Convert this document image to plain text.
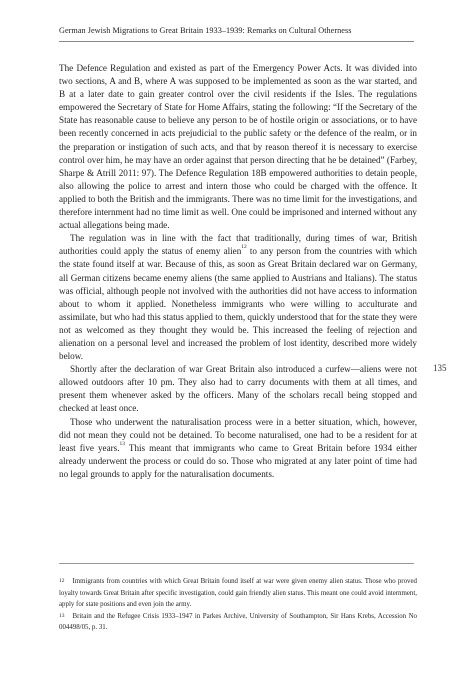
German Jewish Migrations to Great Britain 1933–1939: Remarks on Cultural Otherness

The Defence Regulation and existed as part of the Emergency Power Acts. It was divided into two sections, A and B, where A was supposed to be implemented as soon as the war started, and B at a later date to gain greater control over the civil residents if the Isles. The regulations empowered the Secretary of State for Home Affairs, stating the following: “If the Secretary of the State has reasonable cause to believe any person to be of hostile origin or associations, or to have been recently concerned in acts prejudicial to the public safety or the defence of the realm, or in the preparation or instigation of such acts, and that by reason thereof it is necessary to exercise control over him, he may have an order against that person directing that he be detained” (Farbey, Sharpe & Atrill 2011: 97). The Defence Regulation 18B empowered authorities to detain people, also allowing the police to arrest and intern those who could be charged with the offence. It applied to both the British and the immigrants. There was no time limit for the investigations, and therefore internment had no time limit as well. One could be imprisoned and interned without any actual allegations being made.

The regulation was in line with the fact that traditionally, during times of war, British authorities could apply the status of enemy alien$^{12}$ to any person from the countries with which the state found itself at war. Because of this, as soon as Great Britain declared war on Germany, all German citizens became enemy aliens (the same applied to Austrians and Italians). The status was official, although people not involved with the authorities did not have access to information about to whom it applied. Nonetheless immigrants who were willing to acculturate and assimilate, but who had this status applied to them, quickly understood that for the state they were not as welcomed as they thought they would be. This increased the feeling of rejection and alienation on a personal level and increased the problem of lost identity, described more widely below.

Shortly after the declaration of war Great Britain also introduced a curfew—aliens were not allowed outdoors after 10 pm. They also had to carry documents with them at all times, and present them whenever asked by the officers. Many of the scholars recall being stopped and checked at least once.

Those who underwent the naturalisation process were in a better situation, which, however, did not mean they could not be detained. To become naturalised, one had to be a resident for at least five years.$^{13}$ This meant that immigrants who came to Great Britain before 1934 either already underwent the process or could do so. Those who migrated at any later point of time had no legal grounds to apply for the naturalisation documents.

135

$^{12}$ Immigrants from countries with which Great Britain found itself at war were given enemy alien status. Those who proved loyalty towards Great Britain after specific investigation, could gain friendly alien status. This meant one could avoid internment, apply for state positions and even join the army.

$^{13}$ Britain and the Refugee Crisis 1933–1947 in Parkes Archive, University of Southampton, Sir Hans Krebs, Accession No 004498/05, p. 31.
